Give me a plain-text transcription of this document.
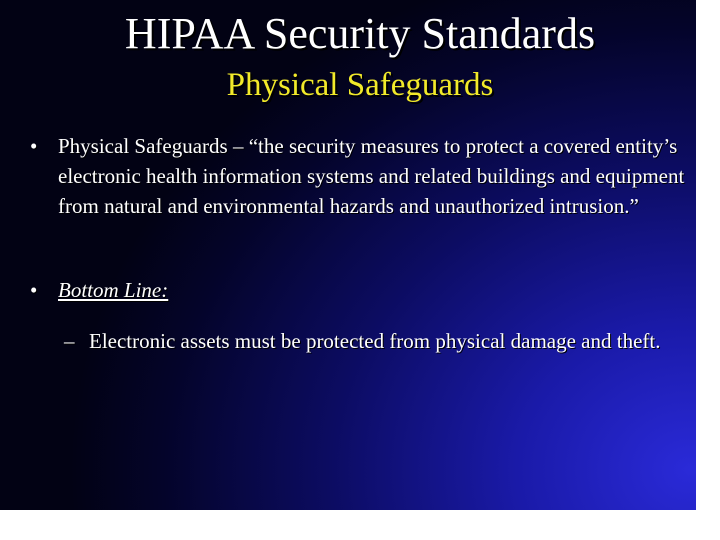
HIPAA Security Standards
Physical Safeguards
• Physical Safeguards – “the security measures to protect a covered entity’s electronic health information systems and related buildings and equipment from natural and environmental hazards and unauthorized intrusion.”
• Bottom Line:
– Electronic assets must be protected from physical damage and theft.
